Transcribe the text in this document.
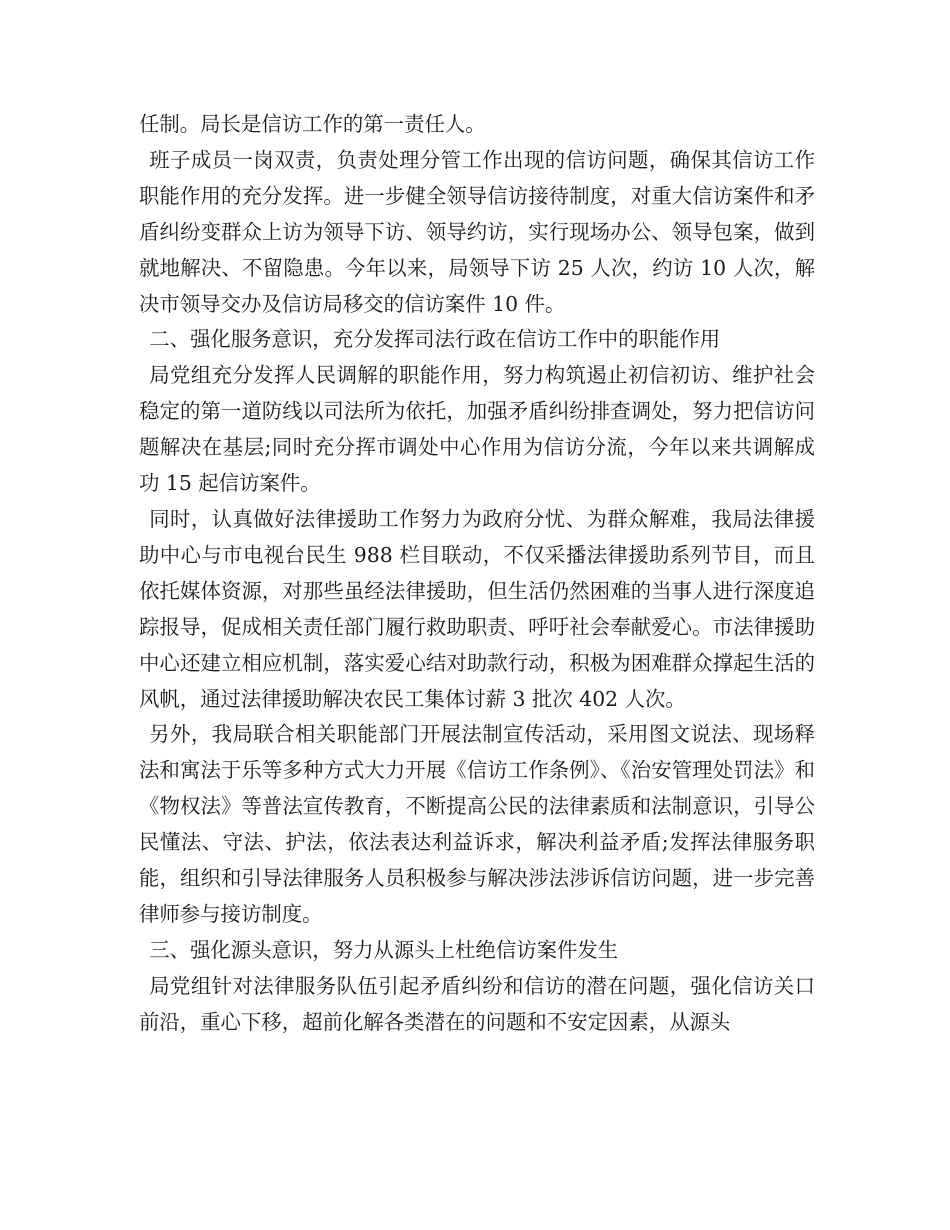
任制。局长是信访工作的第一责任人。

班子成员一岗双责，负责处理分管工作出现的信访问题，确保其信访工作职能作用的充分发挥。进一步健全领导信访接待制度，对重大信访案件和矛盾纠纷变群众上访为领导下访、领导约访，实行现场办公、领导包案，做到就地解决、不留隐患。今年以来，局领导下访 25 人次，约访 10 人次，解决市领导交办及信访局移交的信访案件 10 件。

二、强化服务意识，充分发挥司法行政在信访工作中的职能作用

局党组充分发挥人民调解的职能作用，努力构筑遏止初信初访、维护社会稳定的第一道防线以司法所为依托，加强矛盾纠纷排查调处，努力把信访问题解决在基层;同时充分挥市调处中心作用为信访分流，今年以来共调解成功 15 起信访案件。

同时，认真做好法律援助工作努力为政府分忧、为群众解难，我局法律援助中心与市电视台民生 988 栏目联动，不仅采播法律援助系列节目，而且依托媒体资源，对那些虽经法律援助，但生活仍然困难的当事人进行深度追踪报导，促成相关责任部门履行救助职责、呼吁社会奉献爱心。市法律援助中心还建立相应机制，落实爱心结对助款行动，积极为困难群众撑起生活的风帆，通过法律援助解决农民工集体讨薪 3 批次 402 人次。

另外，我局联合相关职能部门开展法制宣传活动，采用图文说法、现场释法和寓法于乐等多种方式大力开展《信访工作条例》、《治安管理处罚法》和《物权法》等普法宣传教育，不断提高公民的法律素质和法制意识，引导公民懂法、守法、护法，依法表达利益诉求，解决利益矛盾;发挥法律服务职能，组织和引导法律服务人员积极参与解决涉法涉诉信访问题，进一步完善律师参与接访制度。

三、强化源头意识，努力从源头上杜绝信访案件发生

局党组针对法律服务队伍引起矛盾纠纷和信访的潜在问题，强化信访关口前沿，重心下移，超前化解各类潜在的问题和不安定因素，从源头
